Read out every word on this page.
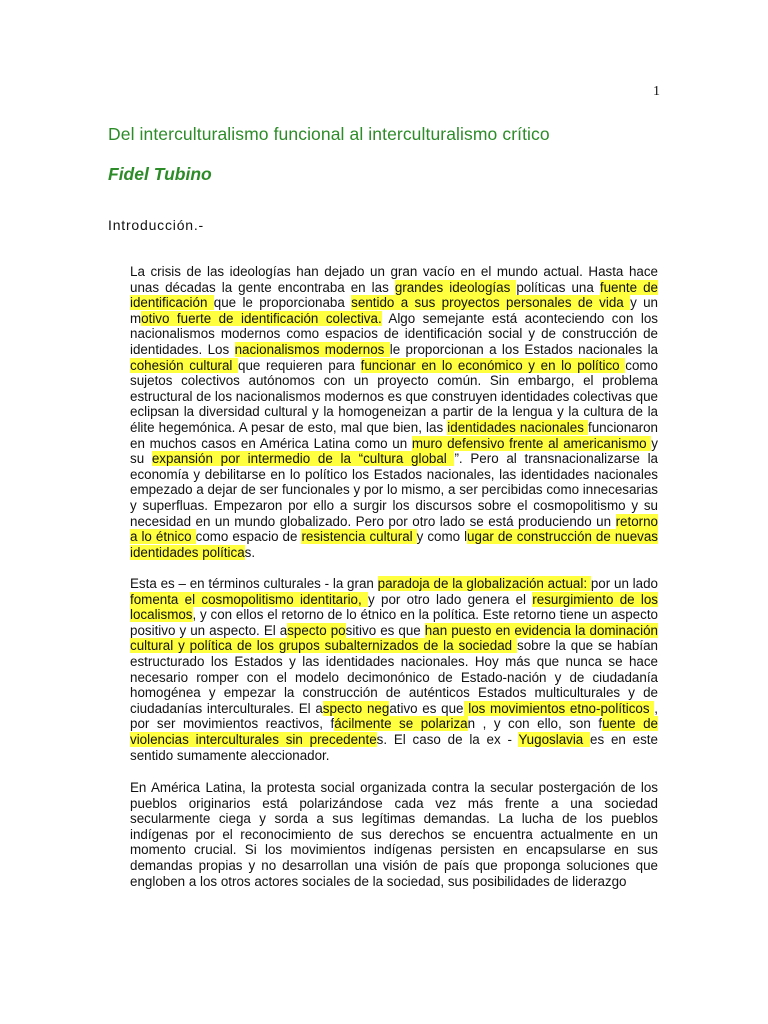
1
Del interculturalismo funcional al interculturalismo crítico
Fidel Tubino
Introducción.-

La crisis de las ideologías han dejado un gran vacío en el mundo actual. Hasta hace unas décadas la gente encontraba en las grandes ideologías políticas una fuente de identificación que le proporcionaba sentido a sus proyectos personales de vida y un motivo fuerte de identificación colectiva. Algo semejante está aconteciendo con los nacionalismos modernos como espacios de identificación social y de construcción de identidades. Los nacionalismos modernos le proporcionan a los Estados nacionales la cohesión cultural que requieren para funcionar en lo económico y en lo político como sujetos colectivos autónomos con un proyecto común. Sin embargo, el problema estructural de los nacionalismos modernos es que construyen identidades colectivas que eclipsan la diversidad cultural y la homogeneizan a partir de la lengua y la cultura de la élite hegemónica. A pesar de esto, mal que bien, las identidades nacionales funcionaron en muchos casos en América Latina como un muro defensivo frente al americanismo y su expansión por intermedio de la “cultura global ”. Pero al transnacionalizarse la economía y debilitarse en lo político los Estados nacionales, las identidades nacionales empezado a dejar de ser funcionales y por lo mismo, a ser percibidas como innecesarias y superfluas. Empezaron por ello a surgir los discursos sobre el cosmopolitismo y su necesidad en un mundo globalizado. Pero por otro lado se está produciendo un retorno a lo étnico como espacio de resistencia cultural y como lugar de construcción de nuevas identidades políticas.

Esta es – en términos culturales - la gran paradoja de la globalización actual: por un lado fomenta el cosmopolitismo identitario, y por otro lado genera el resurgimiento de los localismos, y con ellos el retorno de lo étnico en la política. Este retorno tiene un aspecto positivo y un aspecto. El aspecto positivo es que han puesto en evidencia la dominación cultural y política de los grupos subalternizados de la sociedad sobre la que se habían estructurado los Estados y las identidades nacionales. Hoy más que nunca se hace necesario romper con el modelo decimonónico de Estado-nación y de ciudadanía homogénea y empezar la construcción de auténticos Estados multiculturales y de ciudadanías interculturales. El aspecto negativo es que los movimientos etno-políticos , por ser movimientos reactivos, fácilmente se polarizan , y con ello, son fuente de violencias interculturales sin precedentes. El caso de la ex - Yugoslavia es en este sentido sumamente aleccionador.

En América Latina, la protesta social organizada contra la secular postergación de los pueblos originarios está polarizándose cada vez más frente a una sociedad secularmente ciega y sorda a sus legítimas demandas. La lucha de los pueblos indígenas por el reconocimiento de sus derechos se encuentra actualmente en un momento crucial. Si los movimientos indígenas persisten en encapsularse en sus demandas propias y no desarrollan una visión de país que proponga soluciones que engloben a los otros actores sociales de la sociedad, sus posibilidades de liderazgo
